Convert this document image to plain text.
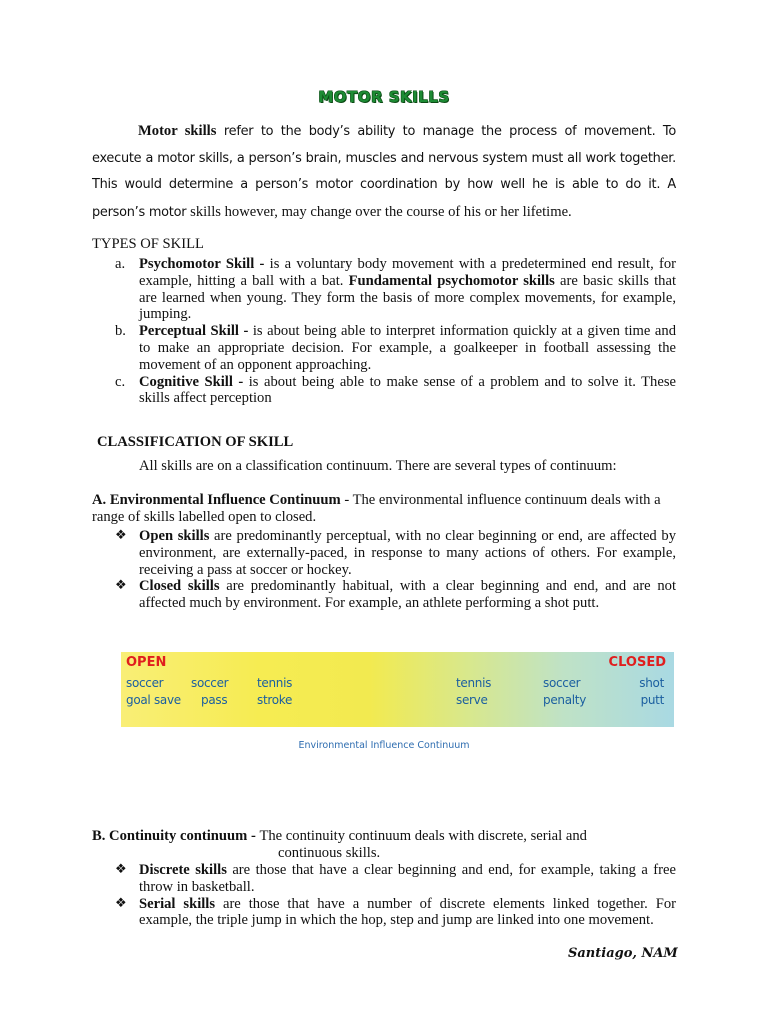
MOTOR SKILLS
Motor skills refer to the body’s ability to manage the process of movement. To execute a motor skills, a person’s brain, muscles and nervous system must all work together. This would determine a person’s motor coordination by how well he is able to do it. A person’s motor skills however, may change over the course of his or her lifetime.
TYPES OF SKILL
a. Psychomotor Skill - is a voluntary body movement with a predetermined end result, for example, hitting a ball with a bat. Fundamental psychomotor skills are basic skills that are learned when young. They form the basis of more complex movements, for example, jumping.
b. Perceptual Skill - is about being able to interpret information quickly at a given time and to make an appropriate decision. For example, a goalkeeper in football assessing the movement of an opponent approaching.
c. Cognitive Skill - is about being able to make sense of a problem and to solve it. These skills affect perception
CLASSIFICATION OF SKILL
All skills are on a classification continuum. There are several types of continuum:
A. Environmental Influence Continuum - The environmental influence continuum deals with a range of skills labelled open to closed.
❖ Open skills are predominantly perceptual, with no clear beginning or end, are affected by environment, are externally-paced, in response to many actions of others. For example, receiving a pass at soccer or hockey.
❖ Closed skills are predominantly habitual, with a clear beginning and end, and are not affected much by environment. For example, an athlete performing a shot putt.
OPEN	CLOSED
soccer
goal save
soccer
pass
tennis
stroke
tennis
serve
soccer
penalty
shot
putt
Environmental Influence Continuum
B. Continuity continuum - The continuity continuum deals with discrete, serial and
continuous skills.
❖ Discrete skills are those that have a clear beginning and end, for example, taking a free throw in basketball.
❖ Serial skills are those that have a number of discrete elements linked together. For example, the triple jump in which the hop, step and jump are linked into one movement.
Santiago, NAM
